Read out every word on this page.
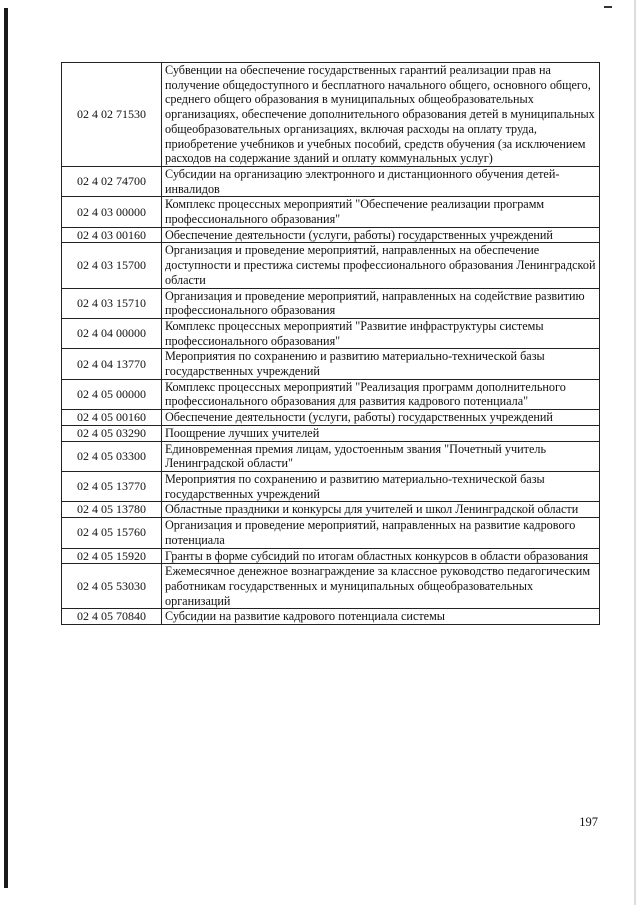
02 4 02 71530	Субвенции на обеспечение государственных гарантий реализации прав на получение общедоступного и бесплатного начального общего, основного общего, среднего общего образования в муниципальных общеобразовательных организациях, обеспечение дополнительного образования детей в муниципальных общеобразовательных организациях, включая расходы на оплату труда, приобретение учебников и учебных пособий, средств обучения (за исключением расходов на содержание зданий и оплату коммунальных услуг)
02 4 02 74700	Субсидии на организацию электронного и дистанционного обучения детей-инвалидов
02 4 03 00000	Комплекс процессных мероприятий "Обеспечение реализации программ профессионального образования"
02 4 03 00160	Обеспечение деятельности (услуги, работы) государственных учреждений
02 4 03 15700	Организация и проведение мероприятий, направленных на обеспечение доступности и престижа системы профессионального образования Ленинградской области
02 4 03 15710	Организация и проведение мероприятий, направленных на содействие развитию профессионального образования
02 4 04 00000	Комплекс процессных мероприятий "Развитие инфраструктуры системы профессионального образования"
02 4 04 13770	Мероприятия по сохранению и развитию материально-технической базы государственных учреждений
02 4 05 00000	Комплекс процессных мероприятий "Реализация программ дополнительного профессионального образования для развития кадрового потенциала"
02 4 05 00160	Обеспечение деятельности (услуги, работы) государственных учреждений
02 4 05 03290	Поощрение лучших учителей
02 4 05 03300	Единовременная премия лицам, удостоенным звания "Почетный учитель Ленинградской области"
02 4 05 13770	Мероприятия по сохранению и развитию материально-технической базы государственных учреждений
02 4 05 13780	Областные праздники и конкурсы для учителей и школ Ленинградской области
02 4 05 15760	Организация и проведение мероприятий, направленных на развитие кадрового потенциала
02 4 05 15920	Гранты в форме субсидий по итогам областных конкурсов в области образования
02 4 05 53030	Ежемесячное денежное вознаграждение за классное руководство педагогическим работникам государственных и муниципальных общеобразовательных организаций
02 4 05 70840	Субсидии на развитие кадрового потенциала системы
197
